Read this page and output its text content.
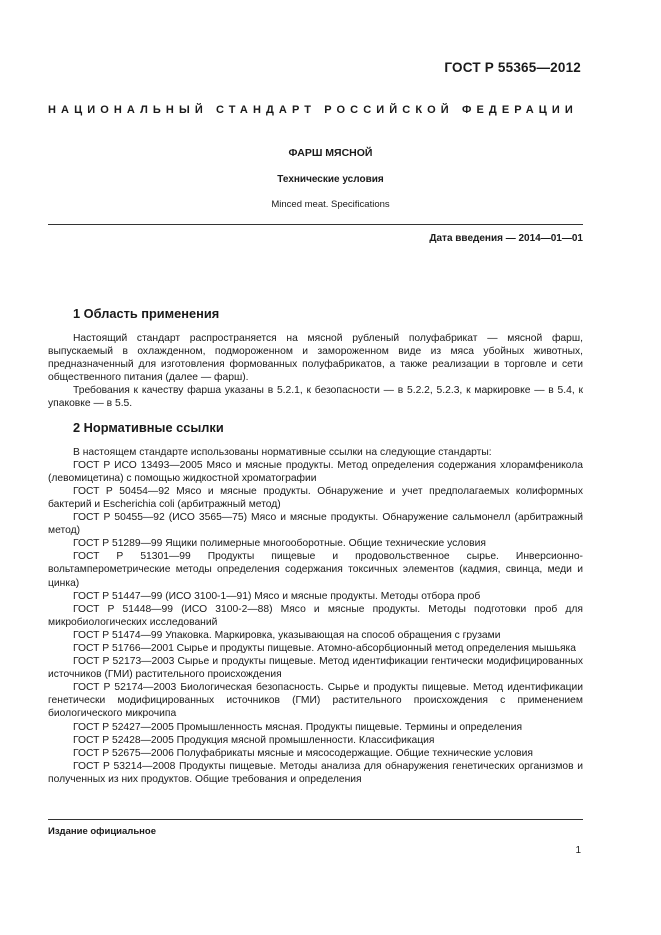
ГОСТ Р 55365—2012
НАЦИОНАЛЬНЫЙ СТАНДАРТ РОССИЙСКОЙ ФЕДЕРАЦИИ
ФАРШ МЯСНОЙ
Технические условия
Minced meat. Specifications
Дата введения — 2014—01—01
1 Область применения

Настоящий стандарт распространяется на мясной рубленый полуфабрикат — мясной фарш, выпускаемый в охлажденном, подмороженном и замороженном виде из мяса убойных животных, предназначенный для изготовления формованных полуфабрикатов, а также реализации в торговле и сети общественного питания (далее — фарш).

Требования к качеству фарша указаны в 5.2.1, к безопасности — в 5.2.2, 5.2.3, к маркировке — в 5.4, к упаковке — в 5.5.

2 Нормативные ссылки

В настоящем стандарте использованы нормативные ссылки на следующие стандарты:

ГОСТ Р ИСО 13493—2005 Мясо и мясные продукты. Метод определения содержания хлорамфеникола (левомицетина) с помощью жидкостной хроматографии

ГОСТ Р 50454—92 Мясо и мясные продукты. Обнаружение и учет предполагаемых колиформных бактерий и Escherichia coli (арбитражный метод)

ГОСТ Р 50455—92 (ИСО 3565—75) Мясо и мясные продукты. Обнаружение сальмонелл (арбитражный метод)

ГОСТ Р 51289—99 Ящики полимерные многооборотные. Общие технические условия

ГОСТ Р 51301—99 Продукты пищевые и продовольственное сырье. Инверсионно-вольтамперометрические методы определения содержания токсичных элементов (кадмия, свинца, меди и цинка)

ГОСТ Р 51447—99 (ИСО 3100-1—91) Мясо и мясные продукты. Методы отбора проб

ГОСТ Р 51448—99 (ИСО 3100-2—88) Мясо и мясные продукты. Методы подготовки проб для микробиологических исследований

ГОСТ Р 51474—99 Упаковка. Маркировка, указывающая на способ обращения с грузами

ГОСТ Р 51766—2001 Сырье и продукты пищевые. Атомно-абсорбционный метод определения мышьяка

ГОСТ Р 52173—2003 Сырье и продукты пищевые. Метод идентификации гентически модифицированных источников (ГМИ) растительного происхождения

ГОСТ Р 52174—2003 Биологическая безопасность. Сырье и продукты пищевые. Метод идентификации генетически модифицированных источников (ГМИ) растительного происхождения с применением биологического микрочипа

ГОСТ Р 52427—2005 Промышленность мясная. Продукты пищевые. Термины и определения

ГОСТ Р 52428—2005 Продукция мясной промышленности. Классификация

ГОСТ Р 52675—2006 Полуфабрикаты мясные и мясосодержащие. Общие технические условия

ГОСТ Р 53214—2008 Продукты пищевые. Методы анализа для обнаружения генетических организмов и полученных из них продуктов. Общие требования и определения

Издание официальное
1
